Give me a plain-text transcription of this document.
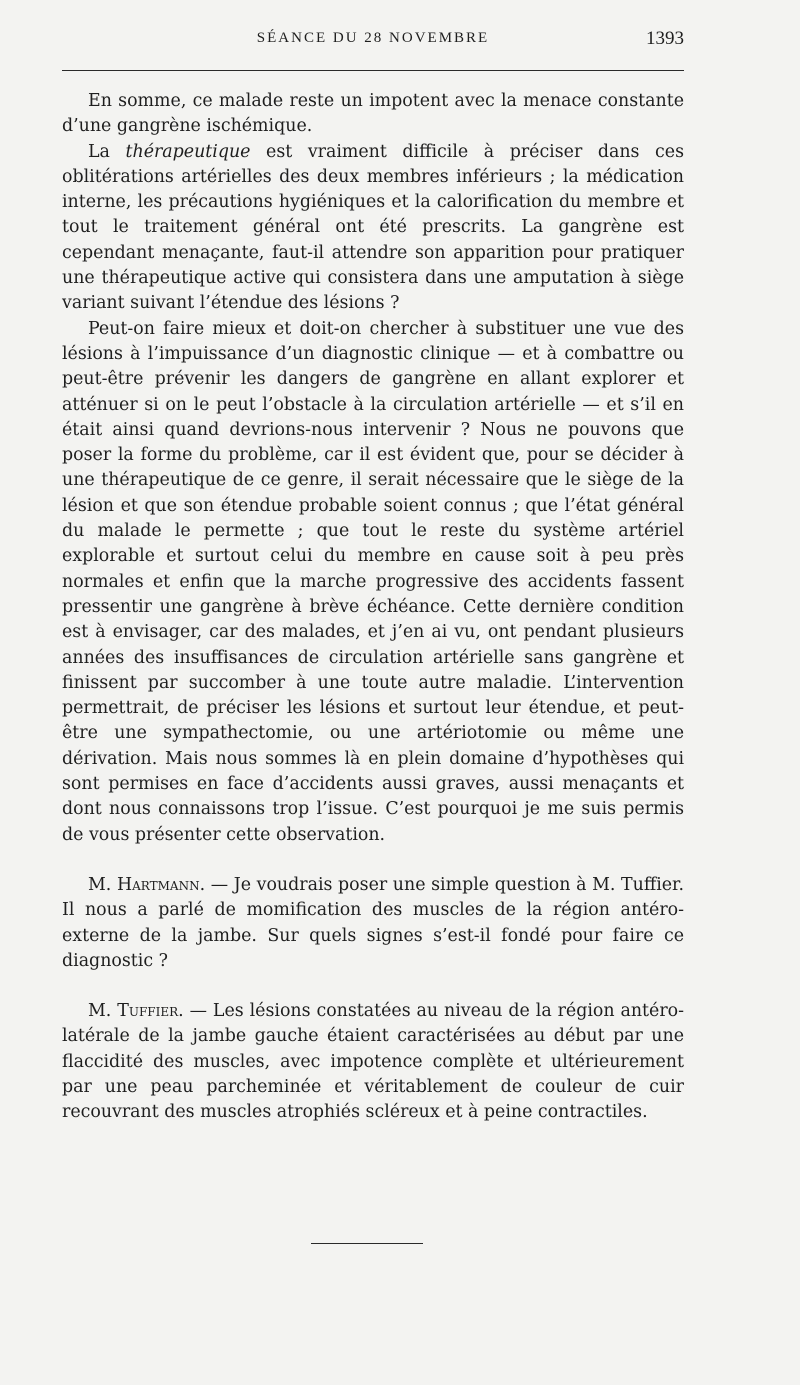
SÉANCE DU 28 NOVEMBRE	1393

En somme, ce malade reste un impotent avec la menace constante d’une gangrène ischémique.

La thérapeutique est vraiment difficile à préciser dans ces oblitérations artérielles des deux membres inférieurs ; la médication interne, les précautions hygiéniques et la calorification du membre et tout le traitement général ont été prescrits. La gangrène est cependant menaçante, faut-il attendre son apparition pour pratiquer une thérapeutique active qui consistera dans une amputation à siège variant suivant l’étendue des lésions ?

Peut-on faire mieux et doit-on chercher à substituer une vue des lésions à l’impuissance d’un diagnostic clinique — et à combattre ou peut-être prévenir les dangers de gangrène en allant explorer et atténuer si on le peut l’obstacle à la circulation artérielle — et s’il en était ainsi quand devrions-nous intervenir ? Nous ne pouvons que poser la forme du problème, car il est évident que, pour se décider à une thérapeutique de ce genre, il serait nécessaire que le siège de la lésion et que son étendue probable soient connus ; que l’état général du malade le permette ; que tout le reste du système artériel explorable et surtout celui du membre en cause soit à peu près normales et enfin que la marche progressive des accidents fassent pressentir une gangrène à brève échéance. Cette dernière condition est à envisager, car des malades, et j’en ai vu, ont pendant plusieurs années des insuffisances de circulation artérielle sans gangrène et finissent par succomber à une toute autre maladie. L’intervention permettrait, de préciser les lésions et surtout leur étendue, et peut-être une sympathectomie, ou une artériotomie ou même une dérivation. Mais nous sommes là en plein domaine d’hypothèses qui sont permises en face d’accidents aussi graves, aussi menaçants et dont nous connaissons trop l’issue. C’est pourquoi je me suis permis de vous présenter cette observation.

M. Hartmann. — Je voudrais poser une simple question à M. Tuffier. Il nous a parlé de momification des muscles de la région antéro-externe de la jambe. Sur quels signes s’est-il fondé pour faire ce diagnostic ?

M. Tuffier. — Les lésions constatées au niveau de la région antéro-latérale de la jambe gauche étaient caractérisées au début par une flaccidité des muscles, avec impotence complète et ultérieurement par une peau parcheminée et véritablement de couleur de cuir recouvrant des muscles atrophiés scléreux et à peine contractiles.
